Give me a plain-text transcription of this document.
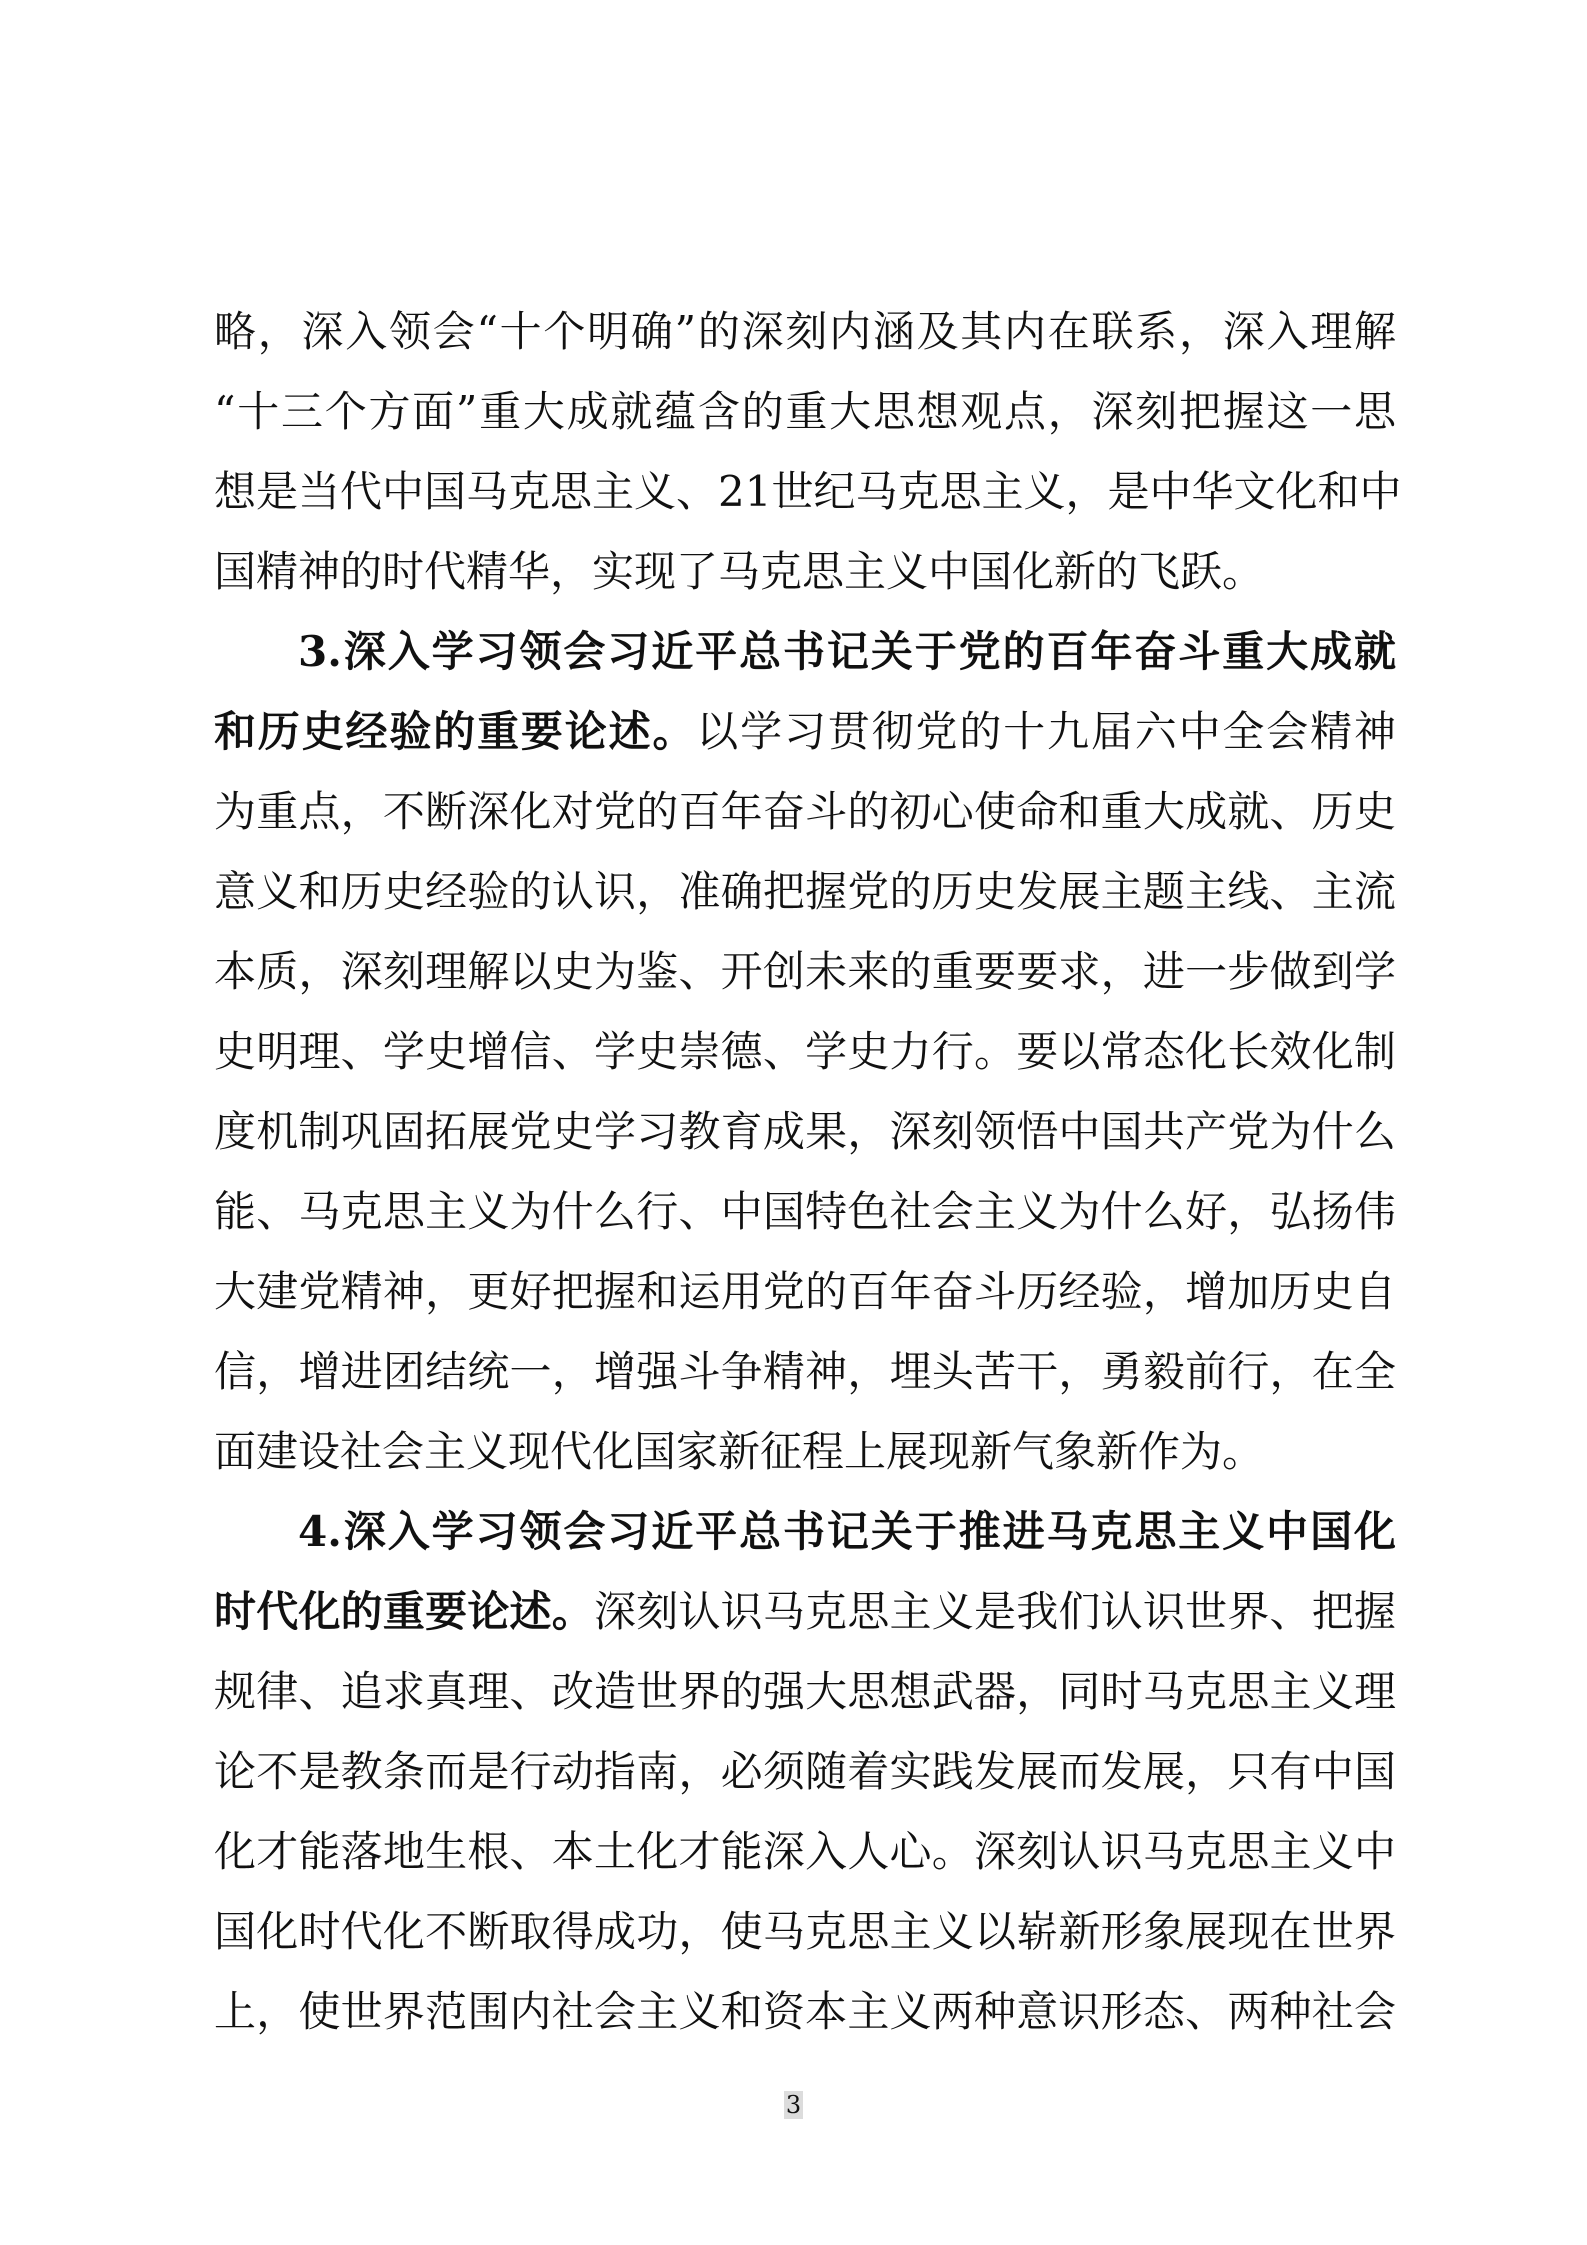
略，深入领会“十个明确”的深刻内涵及其内在联系，深入理解
“十三个方面”重大成就蕴含的重大思想观点，深刻把握这一思
想是当代中国马克思主义、21世纪马克思主义，是中华文化和中
国精神的时代精华，实现了马克思主义中国化新的飞跃。
3.深入学习领会习近平总书记关于党的百年奋斗重大成就
和历史经验的重要论述。以学习贯彻党的十九届六中全会精神
为重点，不断深化对党的百年奋斗的初心使命和重大成就、历史
意义和历史经验的认识，准确把握党的历史发展主题主线、主流
本质，深刻理解以史为鉴、开创未来的重要要求，进一步做到学
史明理、学史增信、学史崇德、学史力行。要以常态化长效化制
度机制巩固拓展党史学习教育成果，深刻领悟中国共产党为什么
能、马克思主义为什么行、中国特色社会主义为什么好，弘扬伟
大建党精神，更好把握和运用党的百年奋斗历经验，增加历史自
信，增进团结统一，增强斗争精神，埋头苦干，勇毅前行，在全
面建设社会主义现代化国家新征程上展现新气象新作为。
4.深入学习领会习近平总书记关于推进马克思主义中国化
时代化的重要论述。深刻认识马克思主义是我们认识世界、把握
规律、追求真理、改造世界的强大思想武器，同时马克思主义理
论不是教条而是行动指南，必须随着实践发展而发展，只有中国
化才能落地生根、本土化才能深入人心。深刻认识马克思主义中
国化时代化不断取得成功，使马克思主义以崭新形象展现在世界
上，使世界范围内社会主义和资本主义两种意识形态、两种社会
3
